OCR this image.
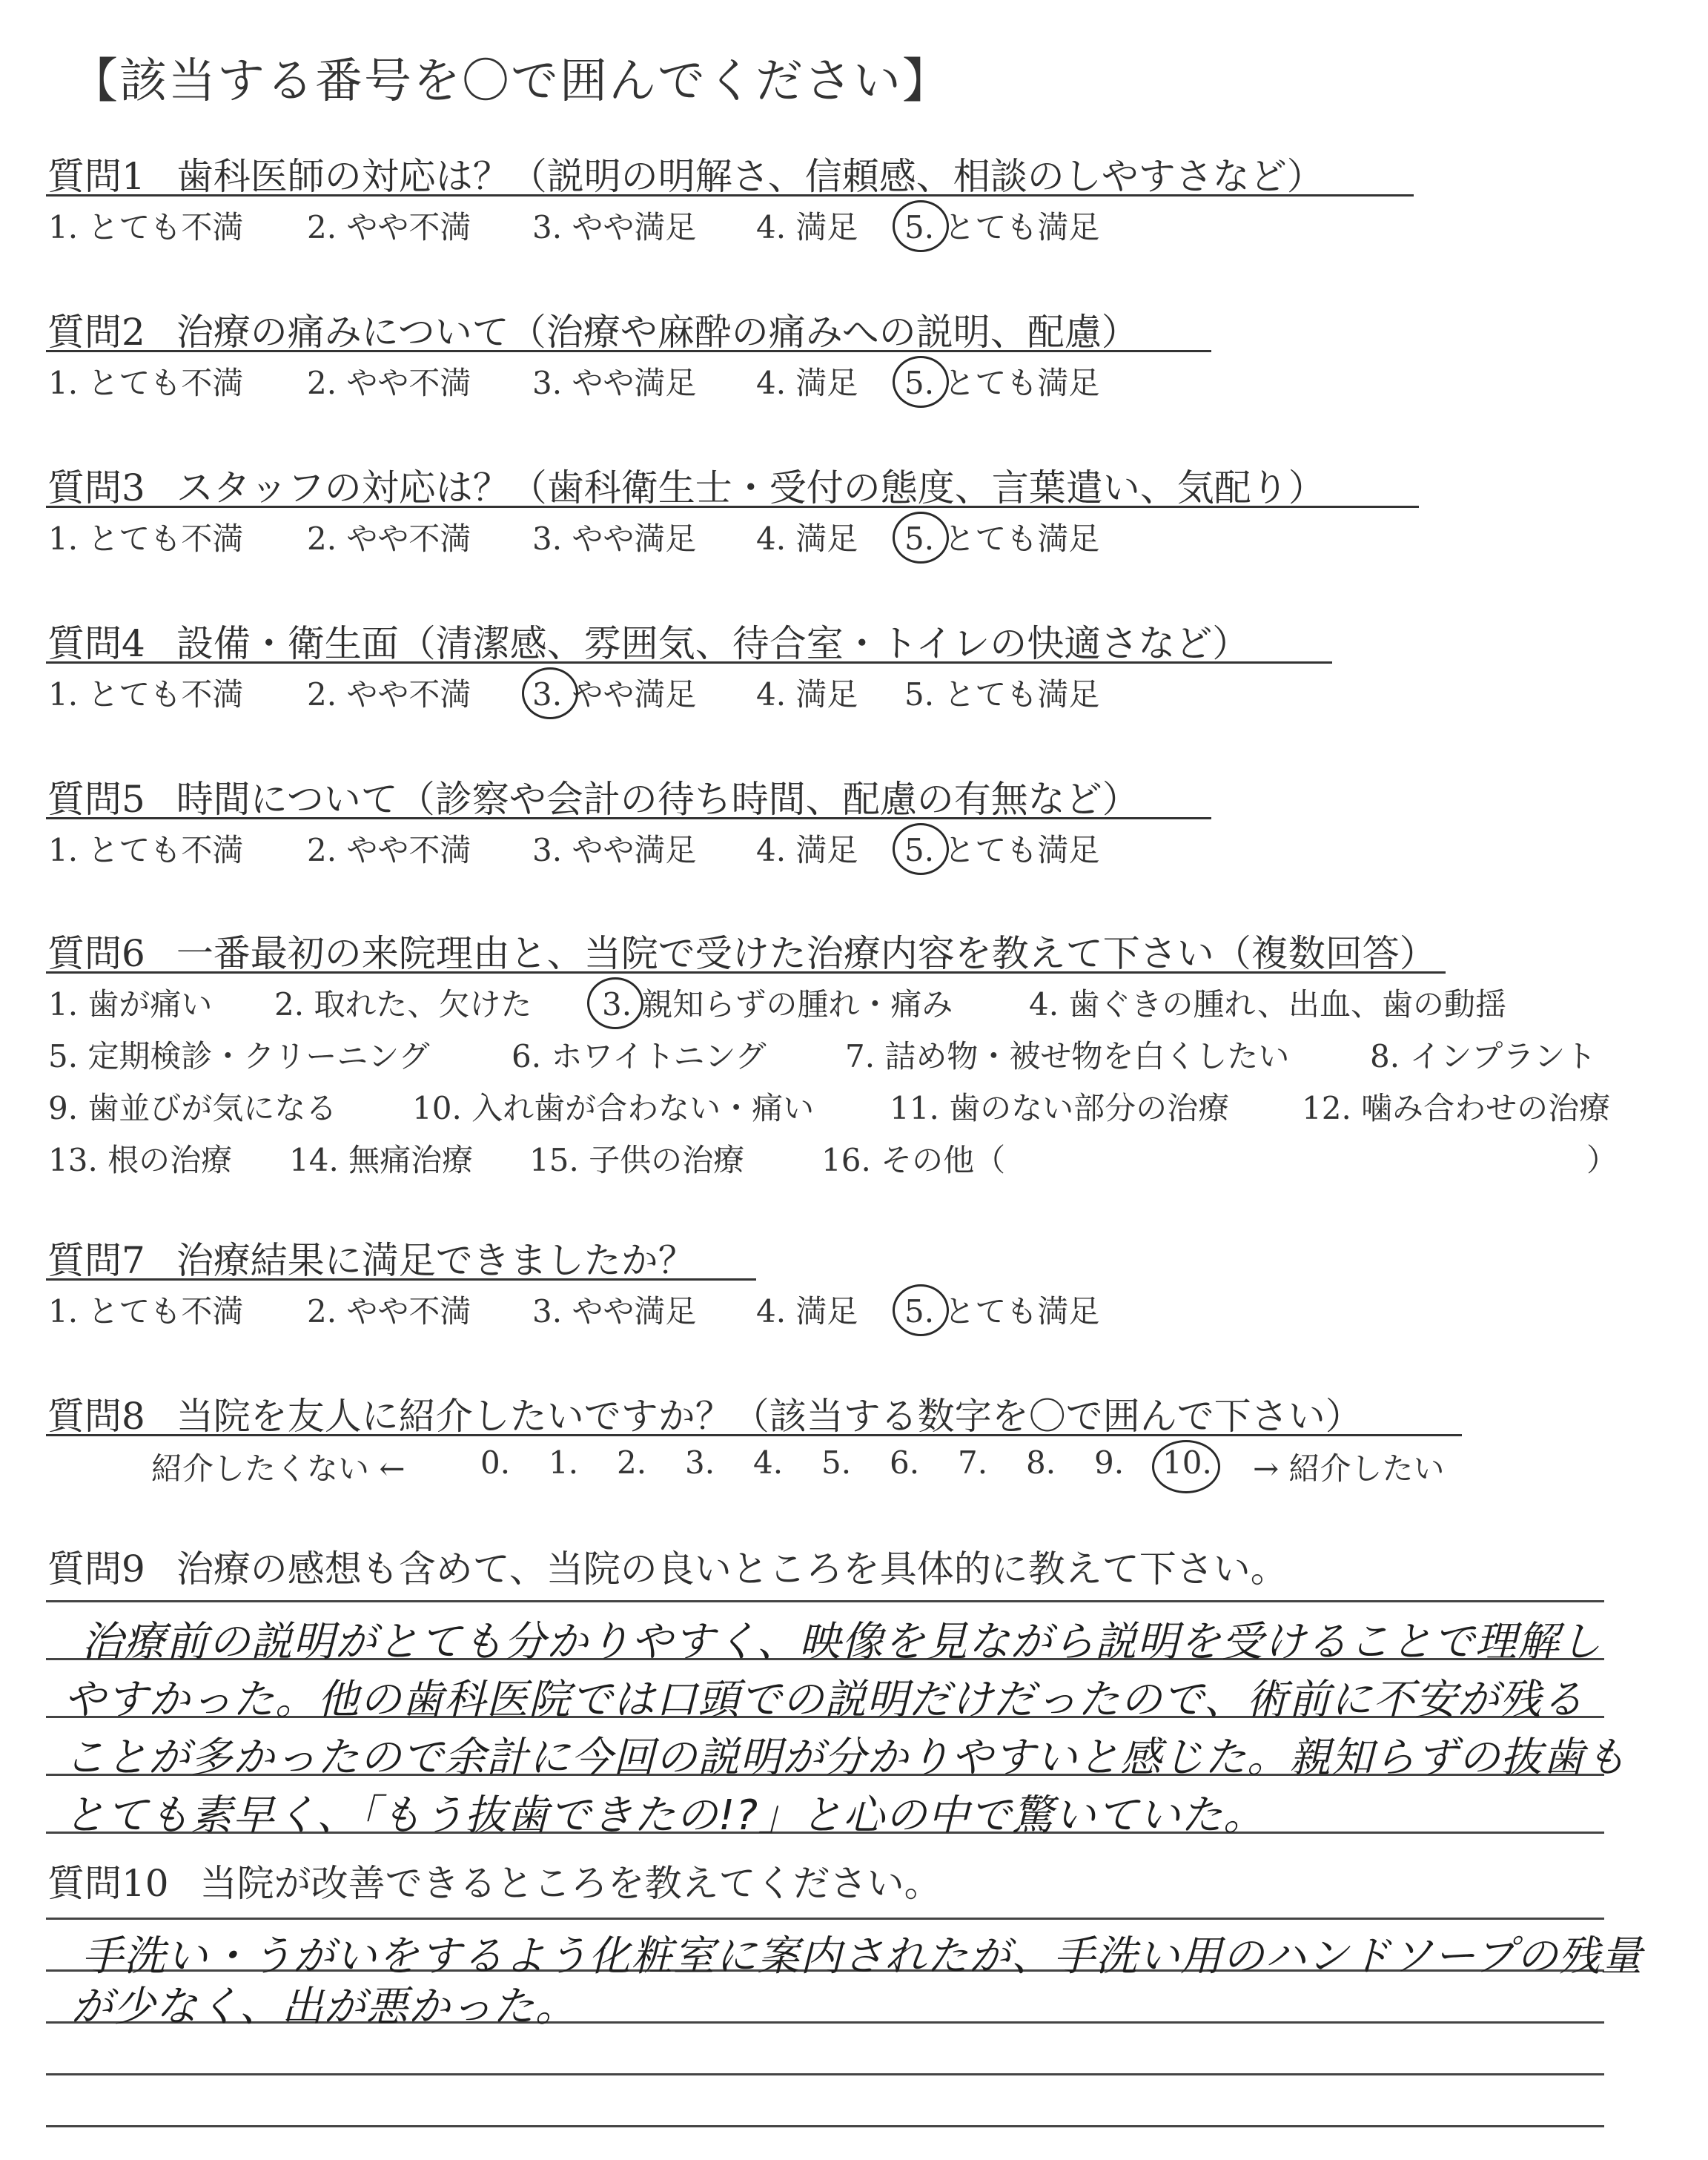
【該当する番号を〇で囲んでください】
質問1 歯科医師の対応は？（説明の明解さ、信頼感、相談のしやすさなど）
1. とても不満 2. やや不満 3. やや満足 4. 満足 5. とても満足
質問2 治療の痛みについて（治療や麻酔の痛みへの説明、配慮）
1. とても不満 2. やや不満 3. やや満足 4. 満足 5. とても満足
質問3 スタッフの対応は？（歯科衛生士・受付の態度、言葉遣い、気配り）
1. とても不満 2. やや不満 3. やや満足 4. 満足 5. とても満足
質問4 設備・衛生面（清潔感、雰囲気、待合室・トイレの快適さなど）
1. とても不満 2. やや不満 3. やや満足 4. 満足 5. とても満足
質問5 時間について（診察や会計の待ち時間、配慮の有無など）
1. とても不満 2. やや不満 3. やや満足 4. 満足 5. とても満足
質問6 一番最初の来院理由と、当院で受けた治療内容を教えて下さい（複数回答）
1. 歯が痛い 2. 取れた、欠けた 3. 親知らずの腫れ・痛み 4. 歯ぐきの腫れ、出血、歯の動揺
5. 定期検診・クリーニング	6. ホワイトニング	7. 詰め物・被せ物を白くしたい	8. インプラント
9. 歯並びが気になる 10. 入れ歯が合わない・痛い 11. 歯のない部分の治療 12. 噛み合わせの治療
13. 根の治療 14. 無痛治療 15. 子供の治療 16. その他（	）
質問7 治療結果に満足できましたか？
1. とても不満 2. やや不満 3. やや満足 4. 満足 5. とても満足
質問8 当院を友人に紹介したいですか？（該当する数字を〇で囲んで下さい）
紹介したくない ← 0. 1. 2. 3. 4. 5. 6. 7. 8. 9. 10. → 紹介したい
質問9 治療の感想も含めて、当院の良いところを具体的に教えて下さい。
治療前の説明がとても分かりやすく、映像を見ながら説明を受けることで理解し
やすかった。他の歯科医院では口頭での説明だけだったので、術前に不安が残る
ことが多かったので余計に今回の説明が分かりやすいと感じた。親知らずの抜歯も
とても素早く、「もう抜歯できたの!?」と心の中で驚いていた。
質問10 当院が改善できるところを教えてください。
手洗い・うがいをするよう化粧室に案内されたが、手洗い用のハンドソープの残量
が少なく、出が悪かった。
